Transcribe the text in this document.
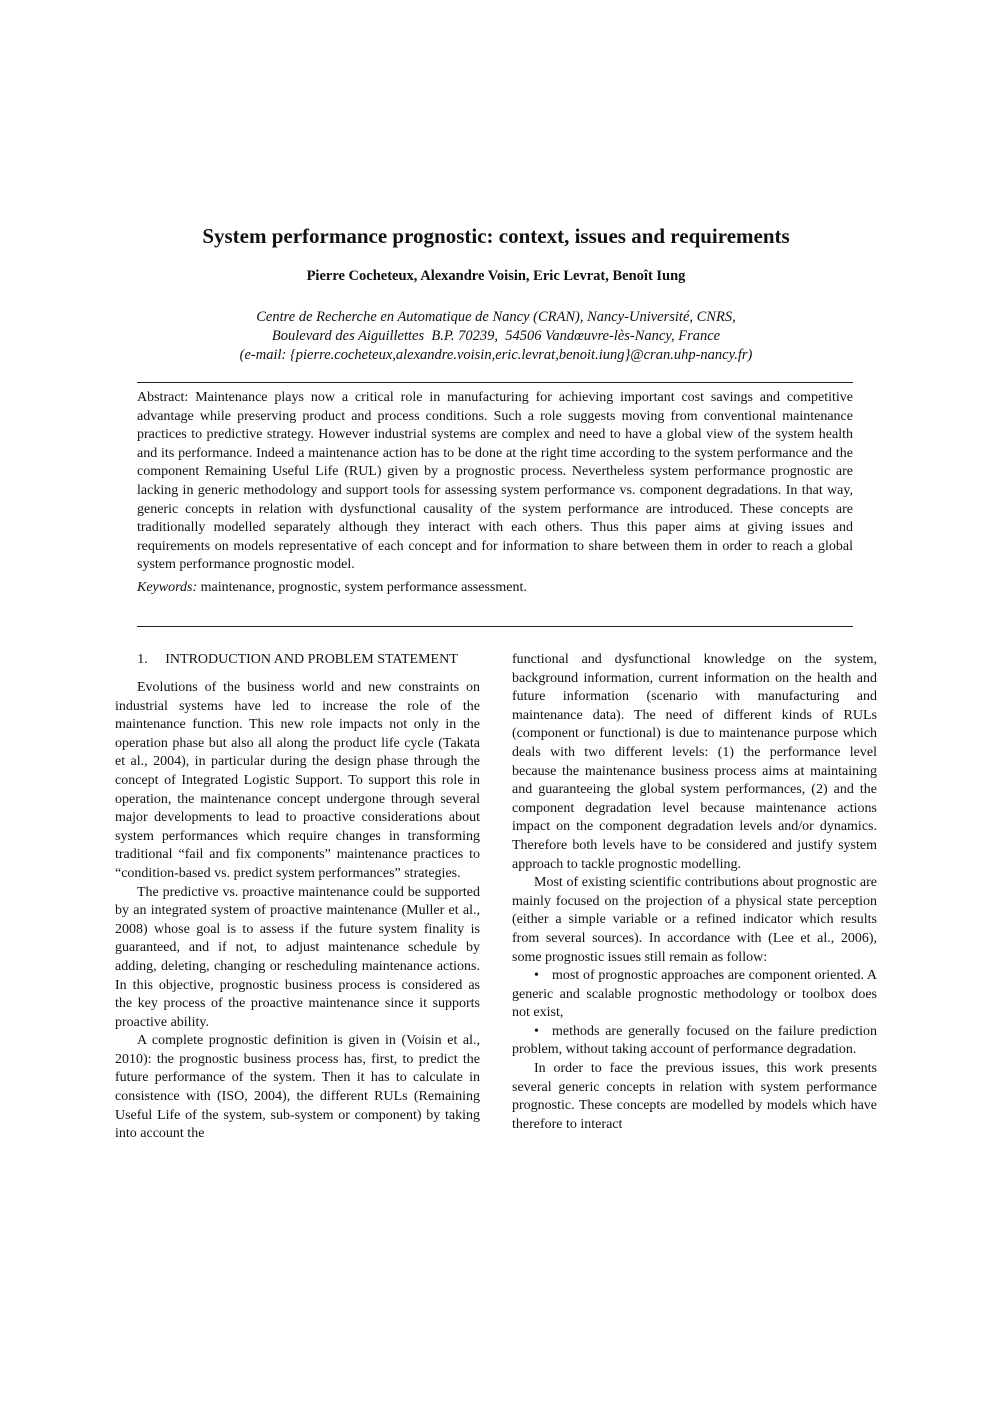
System performance prognostic: context, issues and requirements
Pierre Cocheteux, Alexandre Voisin, Eric Levrat, Benoît Iung
Centre de Recherche en Automatique de Nancy (CRAN), Nancy-Université, CNRS,
Boulevard des Aiguillettes  B.P. 70239,  54506 Vandœuvre-lès-Nancy, France
(e-mail: {pierre.cocheteux,alexandre.voisin,eric.levrat,benoit.iung}@cran.uhp-nancy.fr)

Abstract: Maintenance plays now a critical role in manufacturing for achieving important cost savings and competitive advantage while preserving product and process conditions. Such a role suggests moving from conventional maintenance practices to predictive strategy. However industrial systems are complex and need to have a global view of the system health and its performance. Indeed a maintenance action has to be done at the right time according to the system performance and the component Remaining Useful Life (RUL) given by a prognostic process. Nevertheless system performance prognostic are lacking in generic methodology and support tools for assessing system performance vs. component degradations. In that way, generic concepts in relation with dysfunctional causality of the system performance are introduced. These concepts are traditionally modelled separately although they interact with each others. Thus this paper aims at giving issues and requirements on models representative of each concept and for information to share between them in order to reach a global system performance prognostic model.

Keywords: maintenance, prognostic, system performance assessment.

1. INTRODUCTION AND PROBLEM STATEMENT

Evolutions of the business world and new constraints on industrial systems have led to increase the role of the maintenance function. This new role impacts not only in the operation phase but also all along the product life cycle (Takata et al., 2004), in particular during the design phase through the concept of Integrated Logistic Support. To support this role in operation, the maintenance concept undergone through several major developments to lead to proactive considerations about system performances which require changes in transforming traditional “fail and fix components” maintenance practices to “condition-based vs. predict system performances” strategies.

The predictive vs. proactive maintenance could be supported by an integrated system of proactive maintenance (Muller et al., 2008) whose goal is to assess if the future system finality is guaranteed, and if not, to adjust maintenance schedule by adding, deleting, changing or rescheduling maintenance actions. In this objective, prognostic business process is considered as the key process of the proactive maintenance since it supports proactive ability.

A complete prognostic definition is given in (Voisin et al., 2010): the prognostic business process has, first, to predict the future performance of the system. Then it has to calculate in consistence with (ISO, 2004), the different RULs (Remaining Useful Life of the system, sub-system or component) by taking into account the

functional and dysfunctional knowledge on the system, background information, current information on the health and future information (scenario with manufacturing and maintenance data). The need of different kinds of RULs (component or functional) is due to maintenance purpose which deals with two different levels: (1) the performance level because the maintenance business process aims at maintaining and guaranteeing the global system performances, (2) and the component degradation level because maintenance actions impact on the component degradation levels and/or dynamics. Therefore both levels have to be considered and justify system approach to tackle prognostic modelling.

Most of existing scientific contributions about prognostic are mainly focused on the projection of a physical state perception (either a simple variable or a refined indicator which results from several sources). In accordance with (Lee et al., 2006), some prognostic issues still remain as follow:

• most of prognostic approaches are component oriented. A generic and scalable prognostic methodology or toolbox does not exist,

• methods are generally focused on the failure prediction problem, without taking account of performance degradation.

In order to face the previous issues, this work presents several generic concepts in relation with system performance prognostic. These concepts are modelled by models which have therefore to interact
